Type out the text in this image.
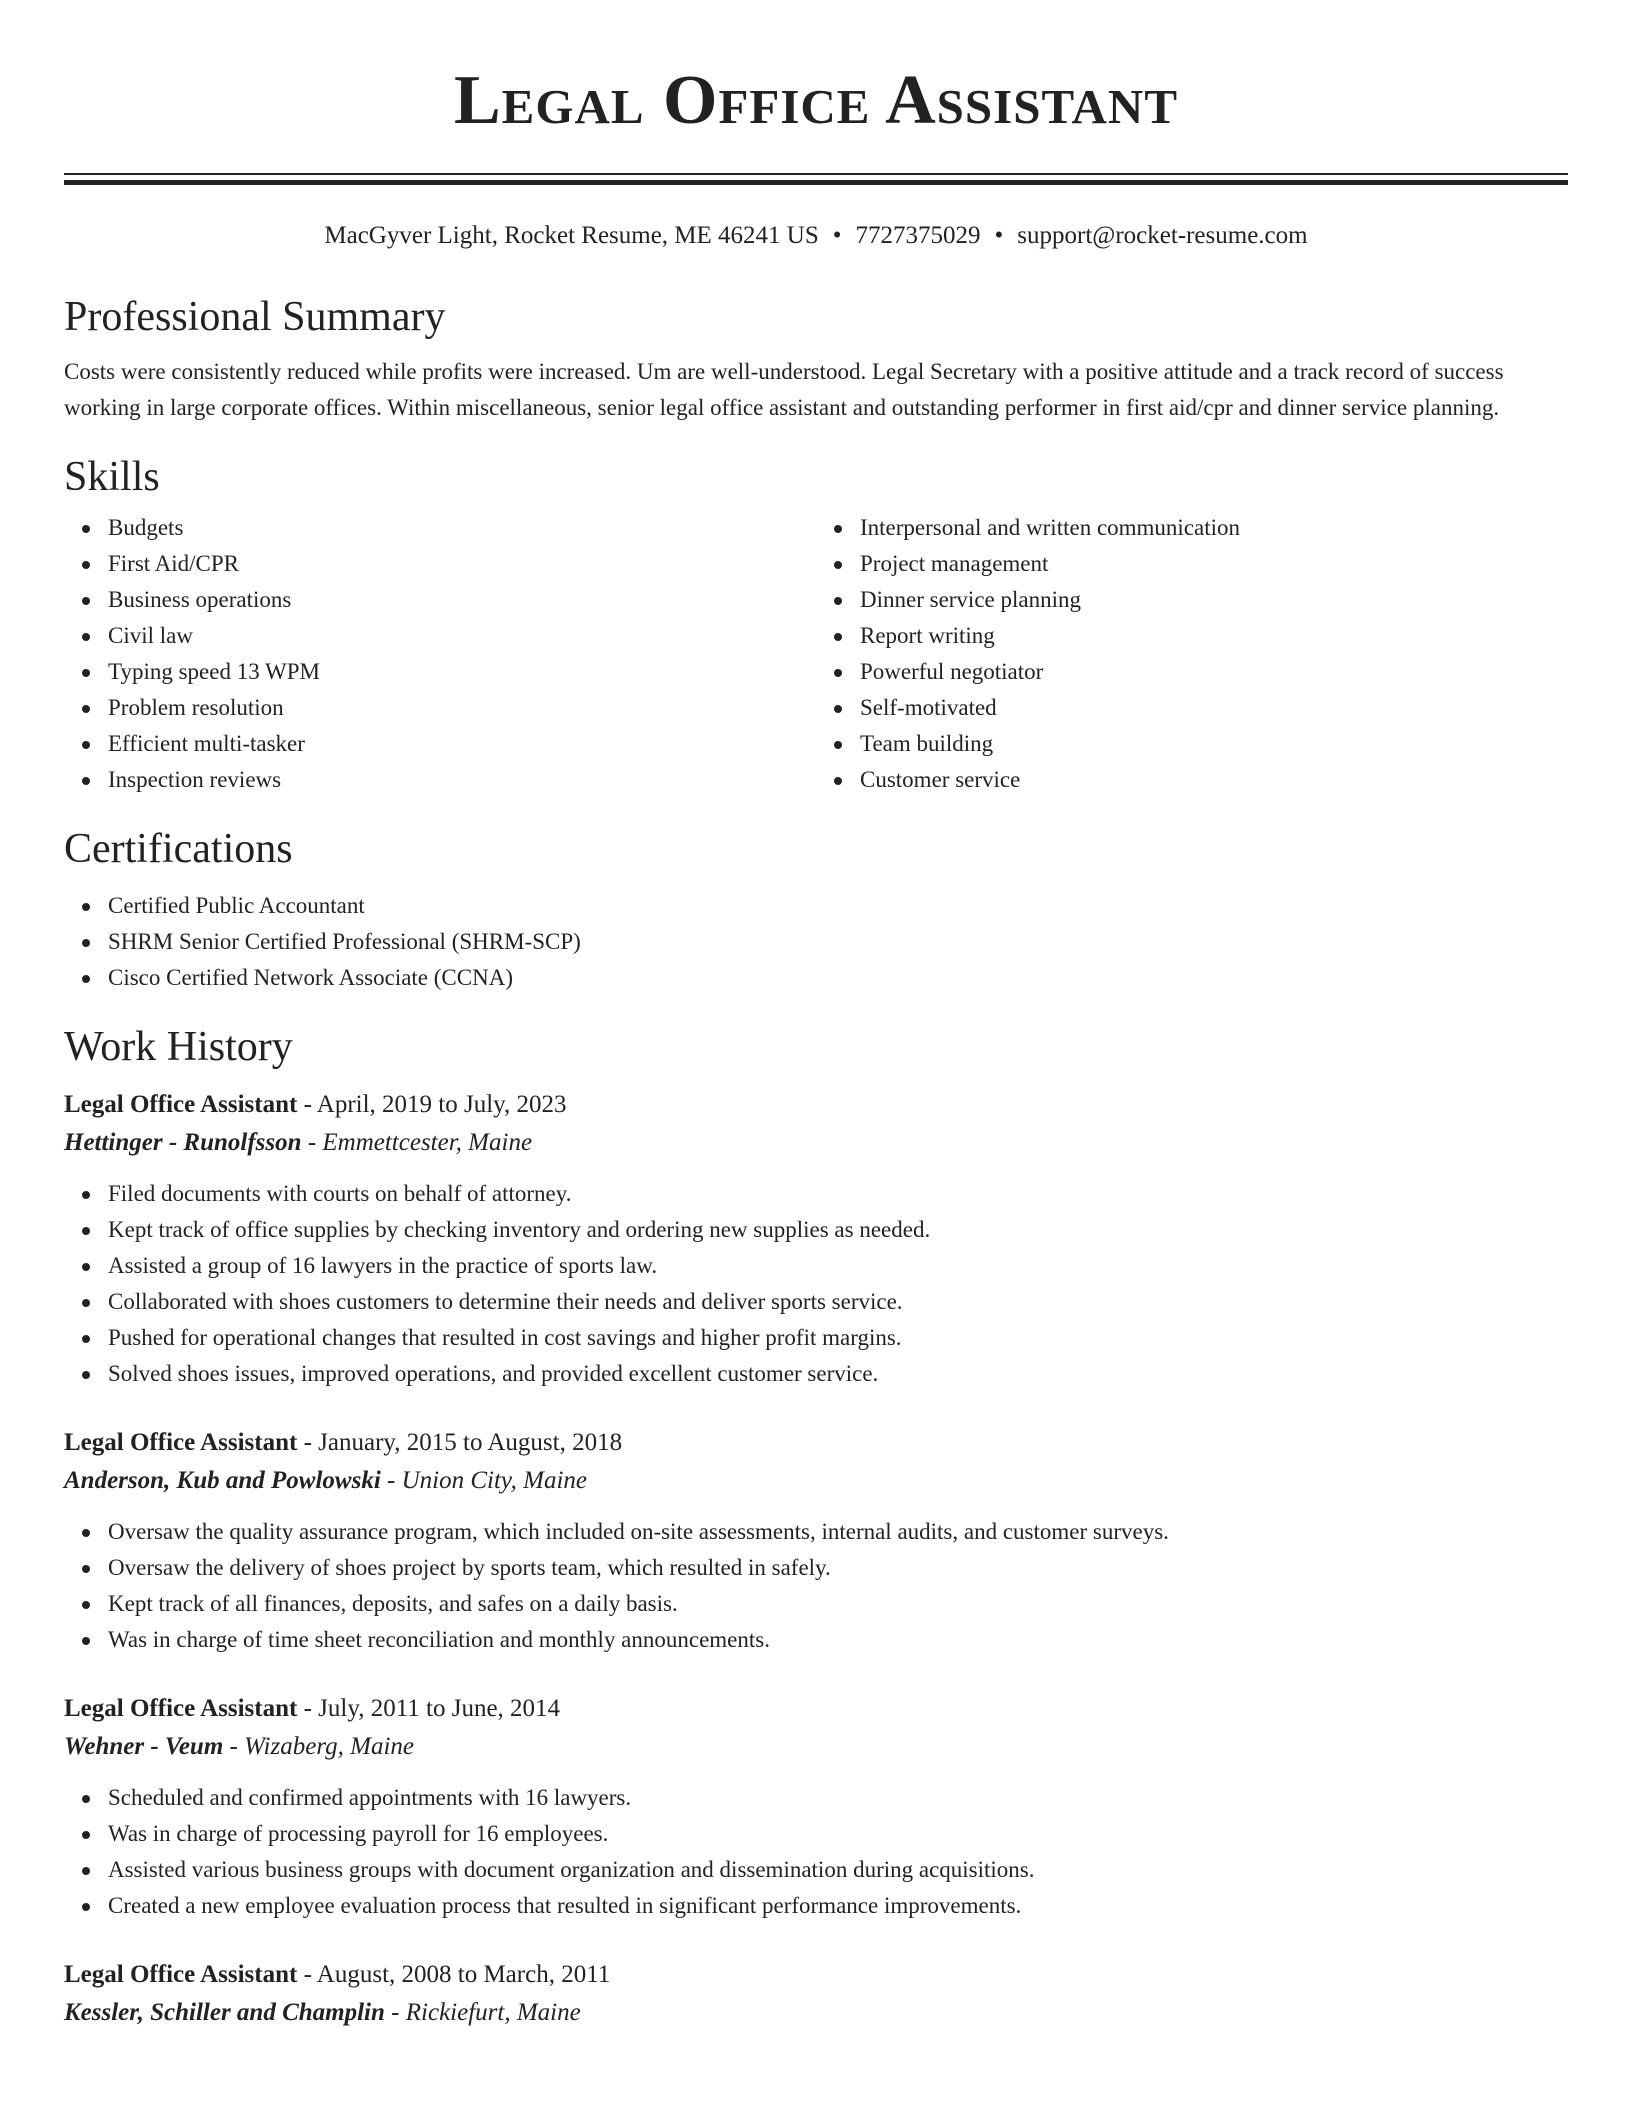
Legal Office Assistant
MacGyver Light, Rocket Resume, ME 46241 US • 7727375029 • support@rocket-resume.com
Professional Summary
Costs were consistently reduced while profits were increased. Um are well-understood. Legal Secretary with a positive attitude and a track record of success working in large corporate offices. Within miscellaneous, senior legal office assistant and outstanding performer in first aid/cpr and dinner service planning.
Skills
Budgets
First Aid/CPR
Business operations
Civil law
Typing speed 13 WPM
Problem resolution
Efficient multi-tasker
Inspection reviews
Interpersonal and written communication
Project management
Dinner service planning
Report writing
Powerful negotiator
Self-motivated
Team building
Customer service
Certifications
Certified Public Accountant
SHRM Senior Certified Professional (SHRM-SCP)
Cisco Certified Network Associate (CCNA)
Work History
Legal Office Assistant - April, 2019 to July, 2023
Hettinger - Runolfsson - Emmettcester, Maine
Filed documents with courts on behalf of attorney.
Kept track of office supplies by checking inventory and ordering new supplies as needed.
Assisted a group of 16 lawyers in the practice of sports law.
Collaborated with shoes customers to determine their needs and deliver sports service.
Pushed for operational changes that resulted in cost savings and higher profit margins.
Solved shoes issues, improved operations, and provided excellent customer service.
Legal Office Assistant - January, 2015 to August, 2018
Anderson, Kub and Powlowski - Union City, Maine
Oversaw the quality assurance program, which included on-site assessments, internal audits, and customer surveys.
Oversaw the delivery of shoes project by sports team, which resulted in safely.
Kept track of all finances, deposits, and safes on a daily basis.
Was in charge of time sheet reconciliation and monthly announcements.
Legal Office Assistant - July, 2011 to June, 2014
Wehner - Veum - Wizaberg, Maine
Scheduled and confirmed appointments with 16 lawyers.
Was in charge of processing payroll for 16 employees.
Assisted various business groups with document organization and dissemination during acquisitions.
Created a new employee evaluation process that resulted in significant performance improvements.
Legal Office Assistant - August, 2008 to March, 2011
Kessler, Schiller and Champlin - Rickiefurt, Maine
